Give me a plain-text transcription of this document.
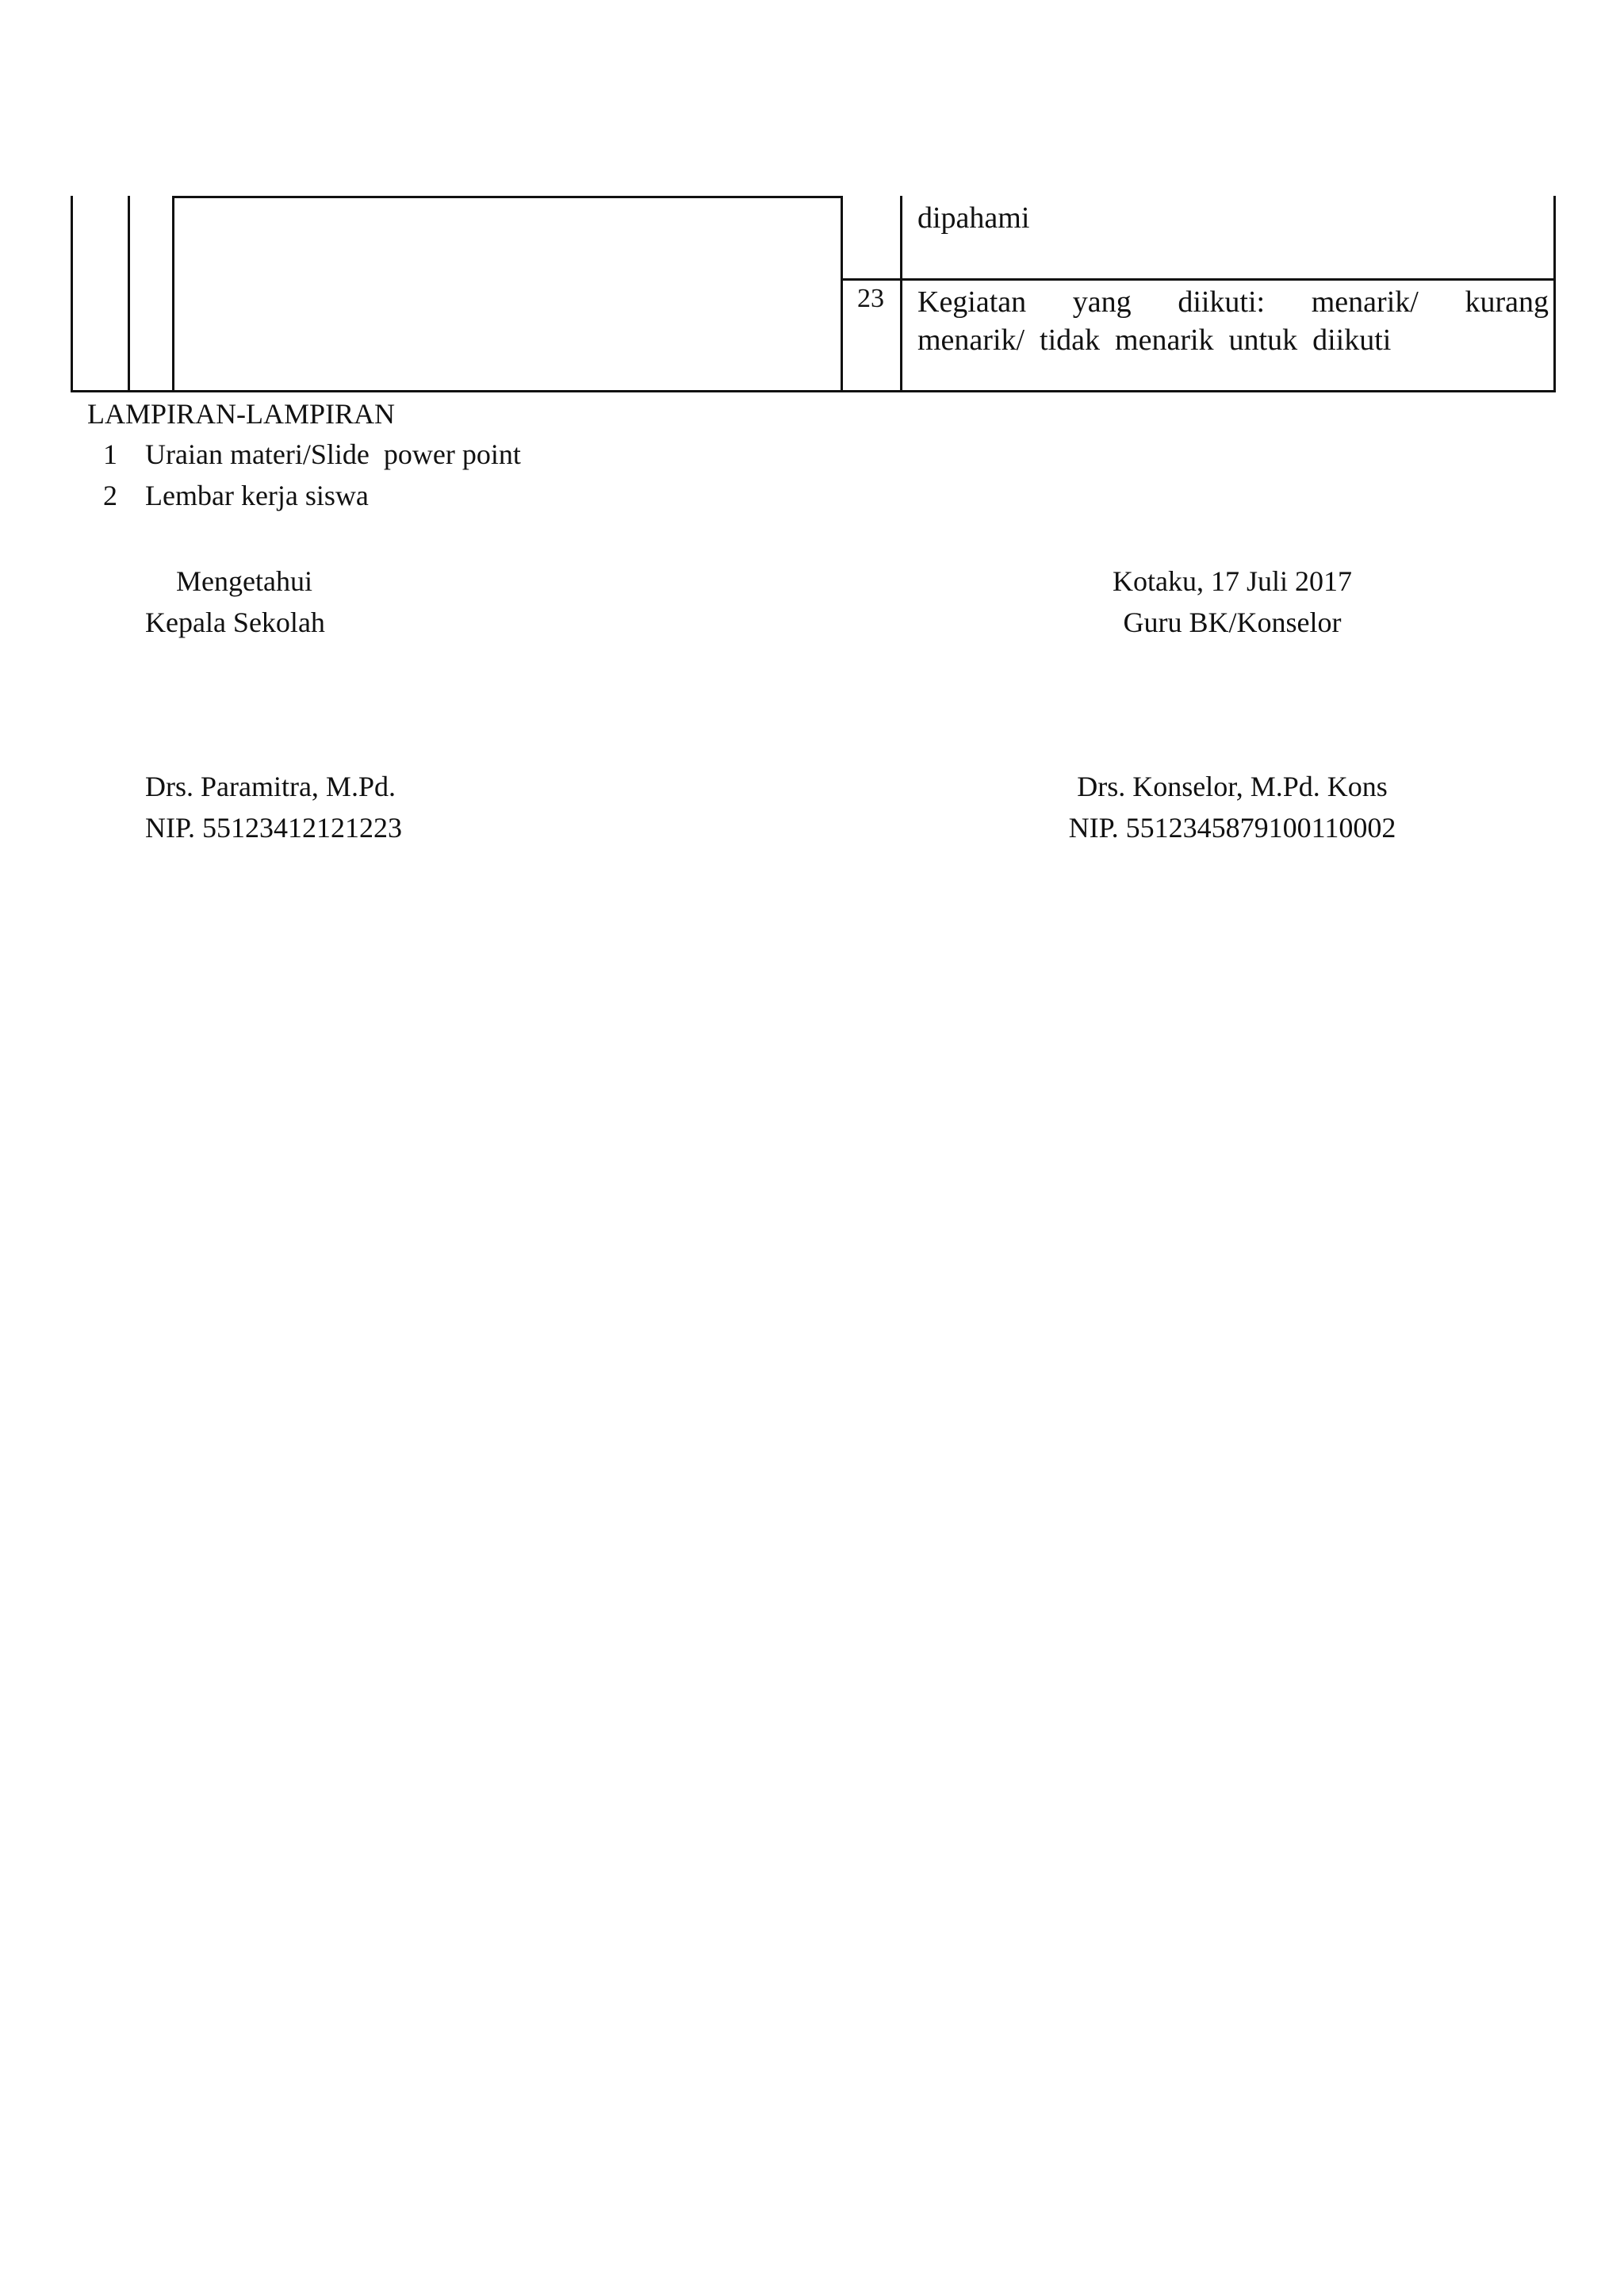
dipahami
23 Kegiatan yang diikuti: menarik/ kurang
menarik/  tidak  menarik  untuk  diikuti
LAMPIRAN-LAMPIRAN
1 Uraian materi/Slide  power point
2 Lembar kerja siswa
Mengetahui
Kepala Sekolah
Drs. Paramitra, M.Pd.
NIP. 55123412121223
Kotaku, 17 Juli 2017
Guru BK/Konselor
Drs. Konselor, M.Pd. Kons
NIP. 5512345879100110002
